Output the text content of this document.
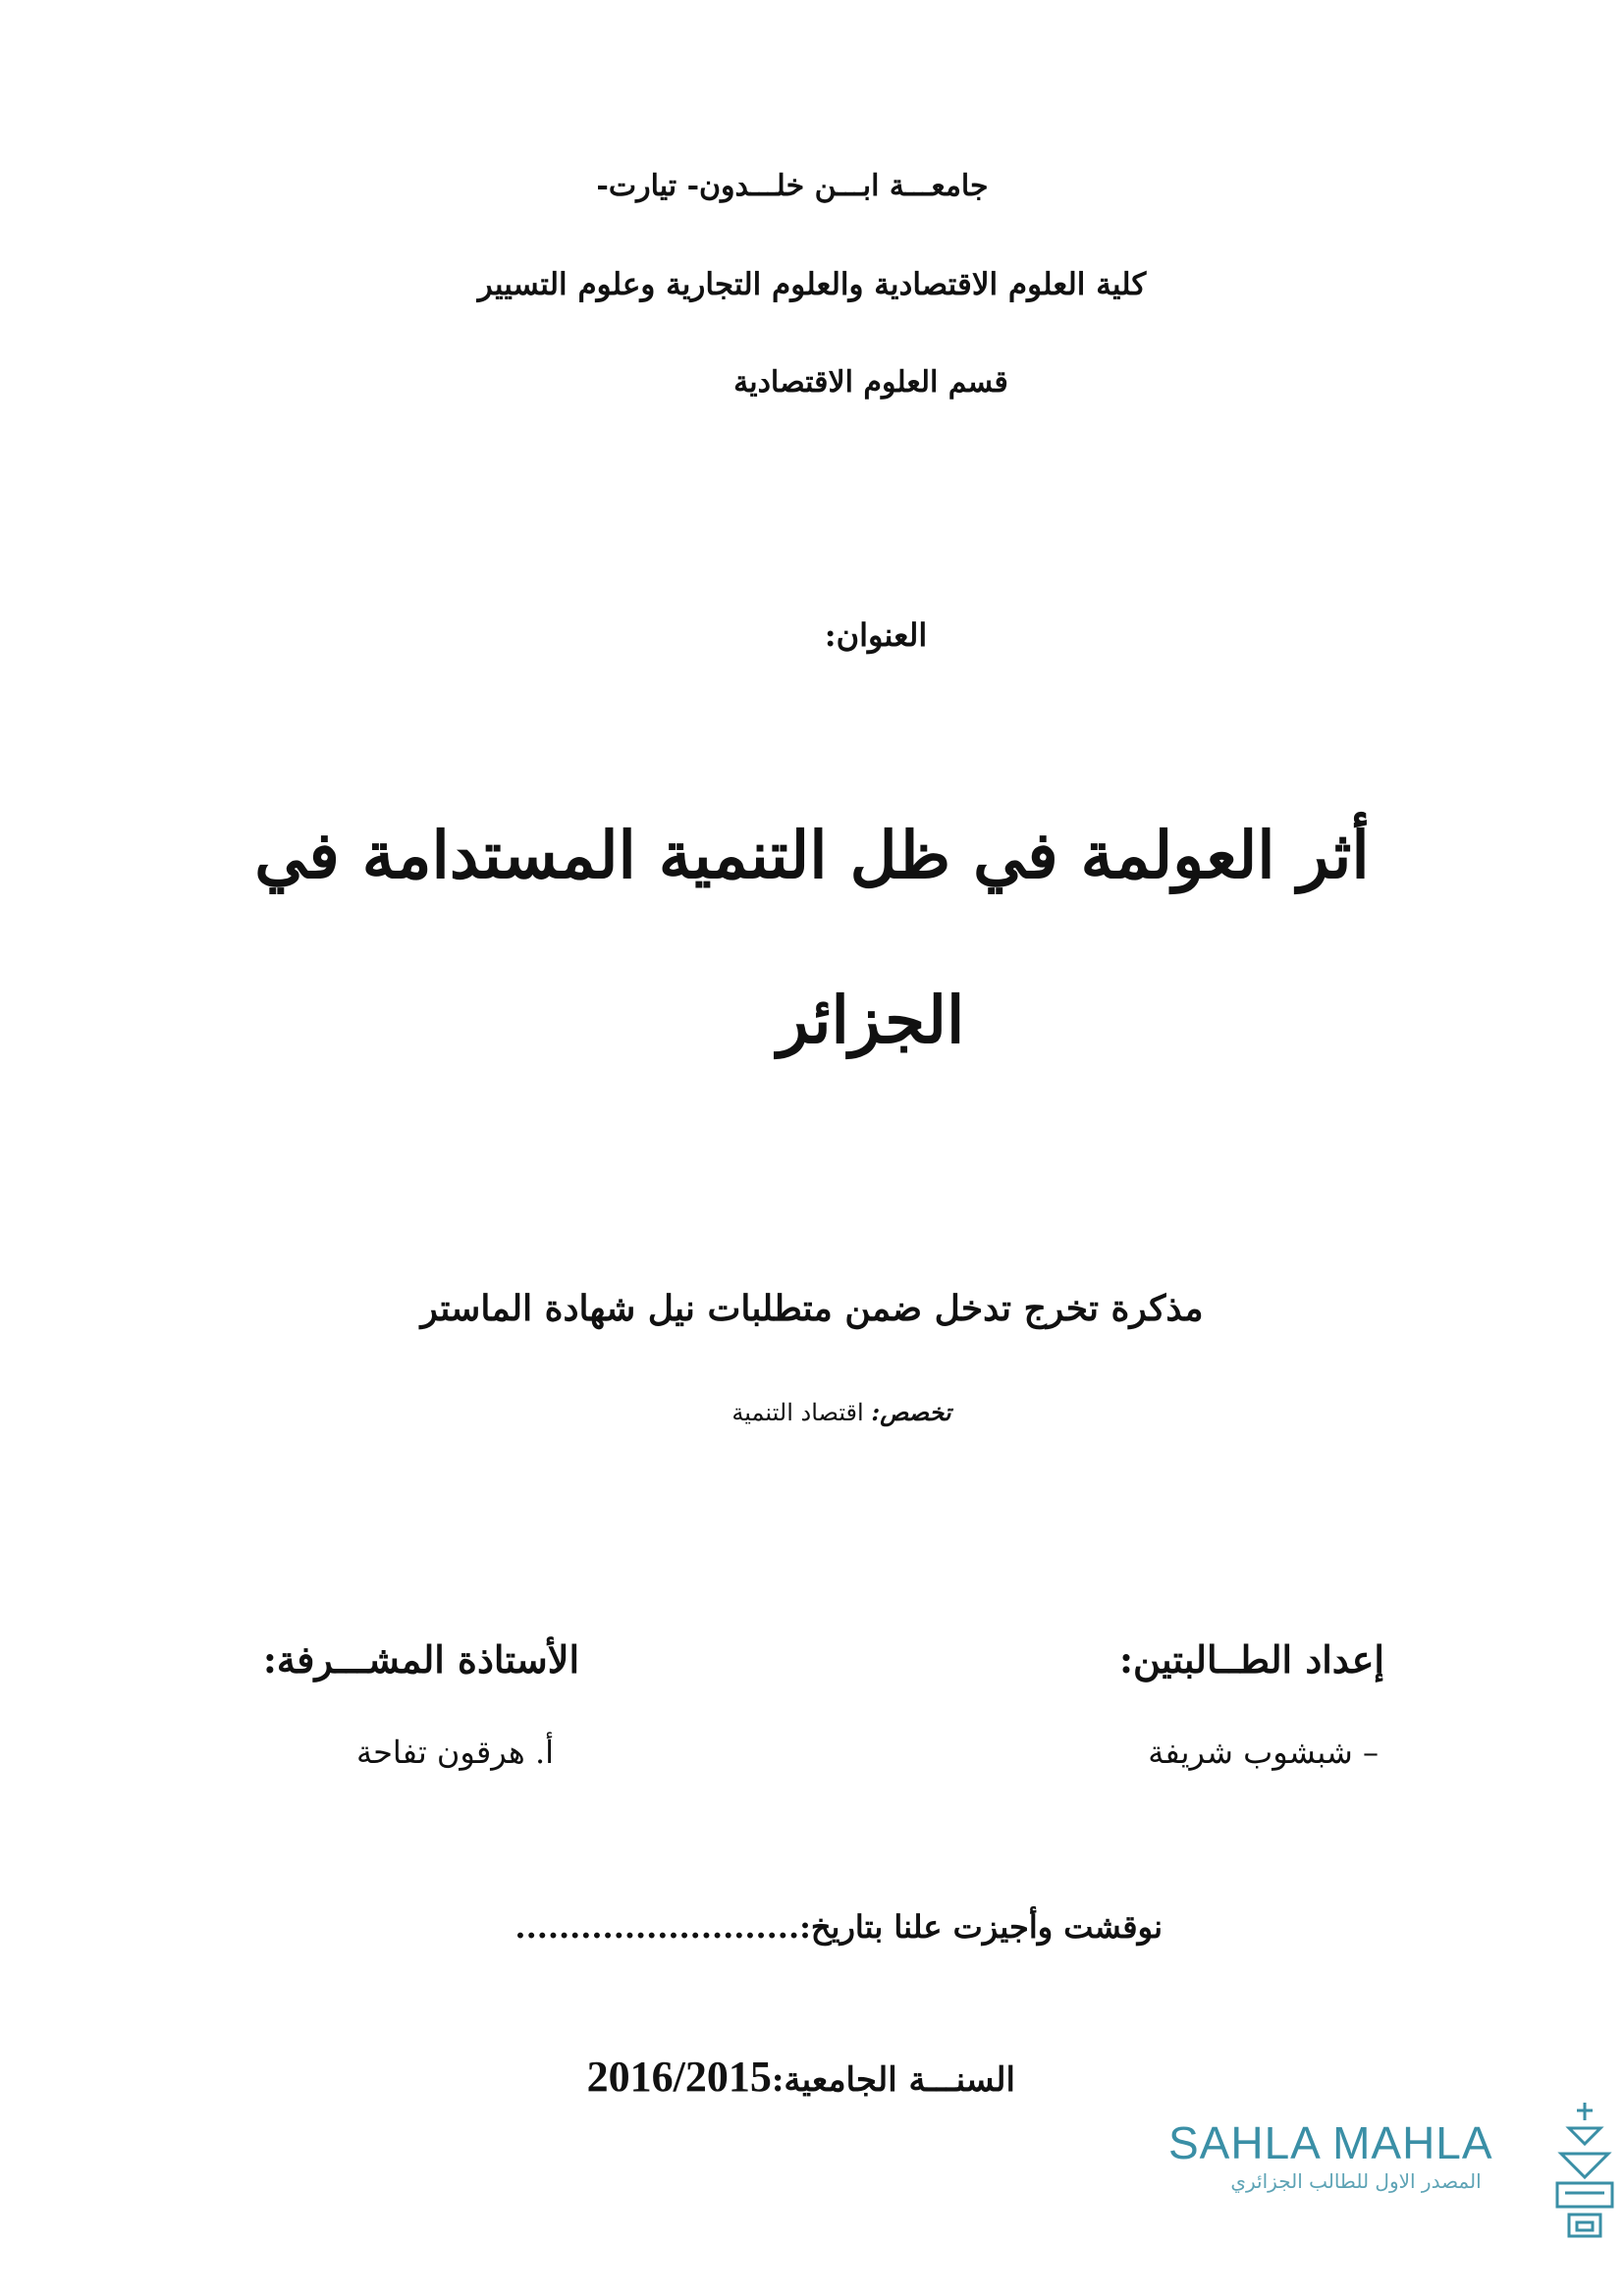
جامعـــة ابـــن خلـــدون- تيارت-
كلية العلوم الاقتصادية والعلوم التجارية وعلوم التسيير
قسم العلوم الاقتصادية
العنوان:
أثر العولمة في ظل التنمية المستدامة في
الجزائر
مذكرة تخرج تدخل ضمن متطلبات نيل شهادة الماستر
تخصص: اقتصاد التنمية
إعداد الطــالبتين:
– شبشوب شريفة
الأستاذة المشـــرفة:
أ. هرقون تفاحة
نوقشت وأجيزت علنا بتاريخ:..........................
السنـــة الجامعية:2016/2015
SAHLA MAHLA
المصدر الاول للطالب الجزائري
